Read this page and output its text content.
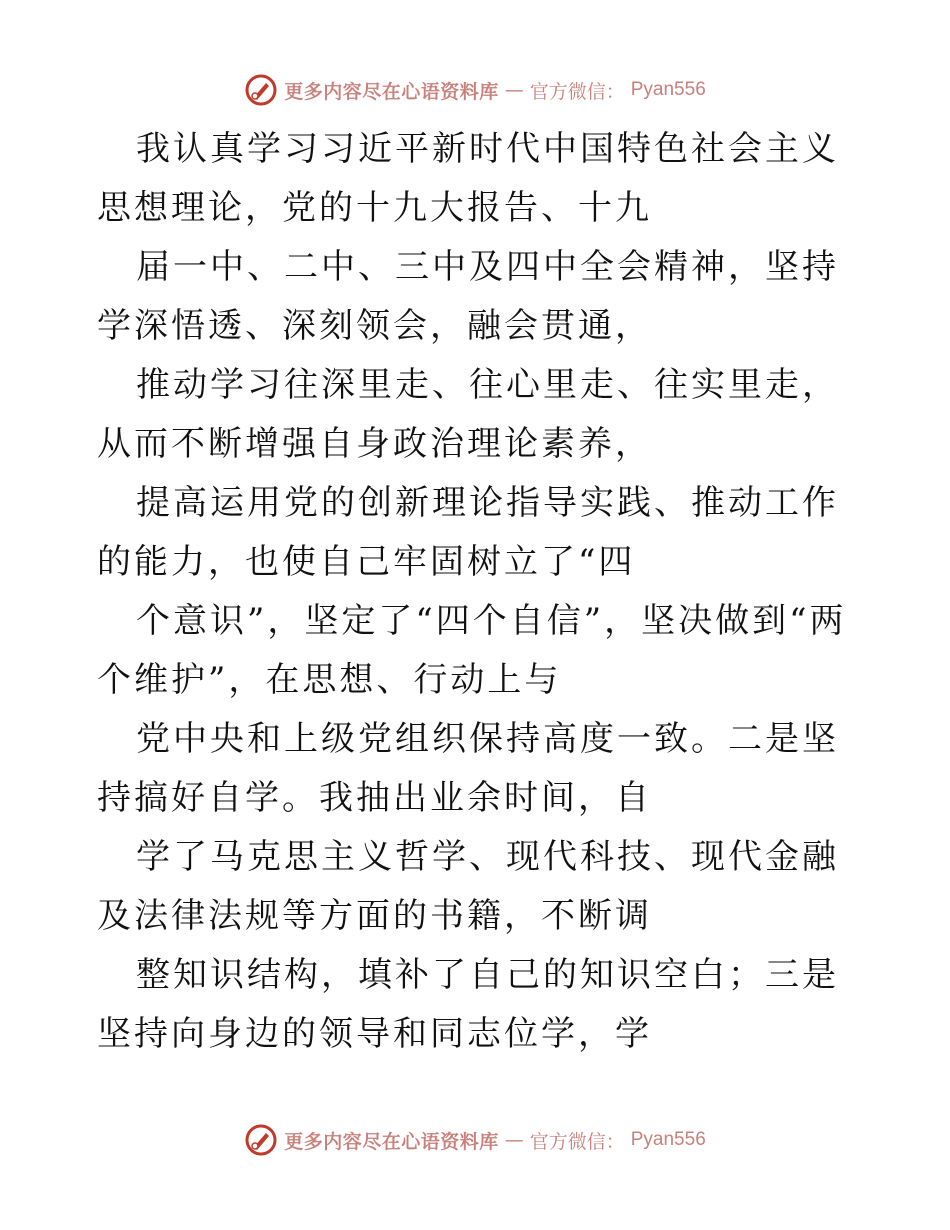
更多内容尽在心语资料库 — 官方微信： Pyan556

我认真学习习近平新时代中国特色社会主义思想理论，党的十九大报告、十九

届一中、二中、三中及四中全会精神，坚持学深悟透、深刻领会，融会贯通，

推动学习往深里走、往心里走、往实里走，从而不断增强自身政治理论素养，

提高运用党的创新理论指导实践、推动工作的能力，也使自己牢固树立了“四

个意识”，坚定了“四个自信”，坚决做到“两个维护”，在思想、行动上与

党中央和上级党组织保持高度一致。二是坚持搞好自学。我抽出业余时间，自

学了马克思主义哲学、现代科技、现代金融及法律法规等方面的书籍，不断调

整知识结构，填补了自己的知识空白；三是坚持向身边的领导和同志位学，学

更多内容尽在心语资料库 — 官方微信： Pyan556
